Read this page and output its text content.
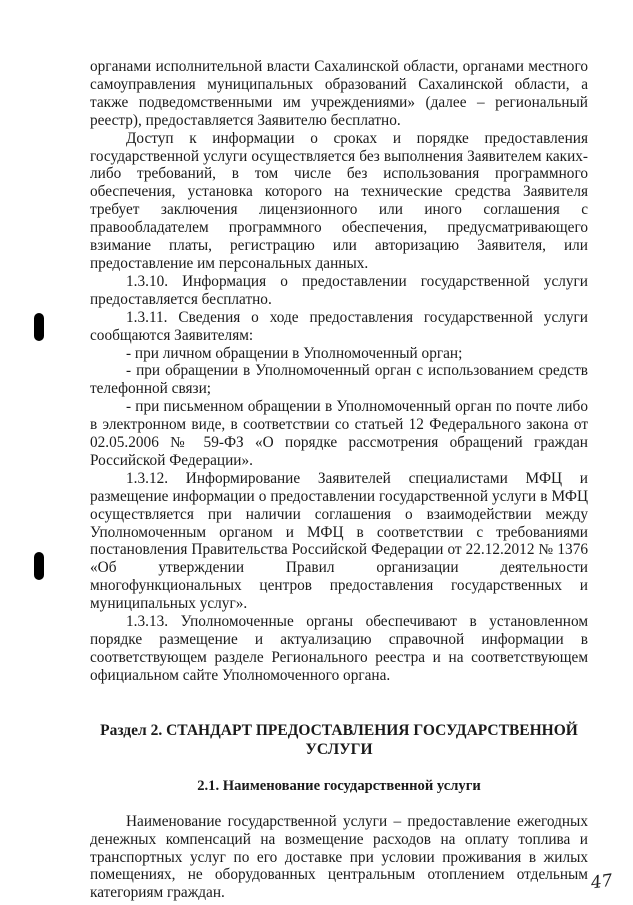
органами исполнительной власти Сахалинской области, органами местного самоуправления муниципальных образований Сахалинской области, а также подведомственными им учреждениями» (далее – региональный реестр), предоставляется Заявителю бесплатно.

Доступ к информации о сроках и порядке предоставления государственной услуги осуществляется без выполнения Заявителем каких-либо требований, в том числе без использования программного обеспечения, установка которого на технические средства Заявителя требует заключения лицензионного или иного соглашения с правообладателем программного обеспечения, предусматривающего взимание платы, регистрацию или авторизацию Заявителя, или предоставление им персональных данных.

1.3.10. Информация о предоставлении государственной услуги предоставляется бесплатно.

1.3.11. Сведения о ходе предоставления государственной услуги сообщаются Заявителям:

- при личном обращении в Уполномоченный орган;

- при обращении в Уполномоченный орган с использованием средств телефонной связи;

- при письменном обращении в Уполномоченный орган по почте либо в электронном виде, в соответствии со статьей 12 Федерального закона от 02.05.2006 № 59-ФЗ «О порядке рассмотрения обращений граждан Российской Федерации».

1.3.12. Информирование Заявителей специалистами МФЦ и размещение информации о предоставлении государственной услуги в МФЦ осуществляется при наличии соглашения о взаимодействии между Уполномоченным органом и МФЦ в соответствии с требованиями постановления Правительства Российской Федерации от 22.12.2012 № 1376 «Об утверждении Правил организации деятельности многофункциональных центров предоставления государственных и муниципальных услуг».

1.3.13. Уполномоченные органы обеспечивают в установленном порядке размещение и актуализацию справочной информации в соответствующем разделе Регионального реестра и на соответствующем официальном сайте Уполномоченного органа.

Раздел 2. СТАНДАРТ ПРЕДОСТАВЛЕНИЯ ГОСУДАРСТВЕННОЙ УСЛУГИ

2.1. Наименование государственной услуги

Наименование государственной услуги – предоставление ежегодных денежных компенсаций на возмещение расходов на оплату топлива и транспортных услуг по его доставке при условии проживания в жилых помещениях, не оборудованных центральным отоплением отдельным категориям граждан.	47
